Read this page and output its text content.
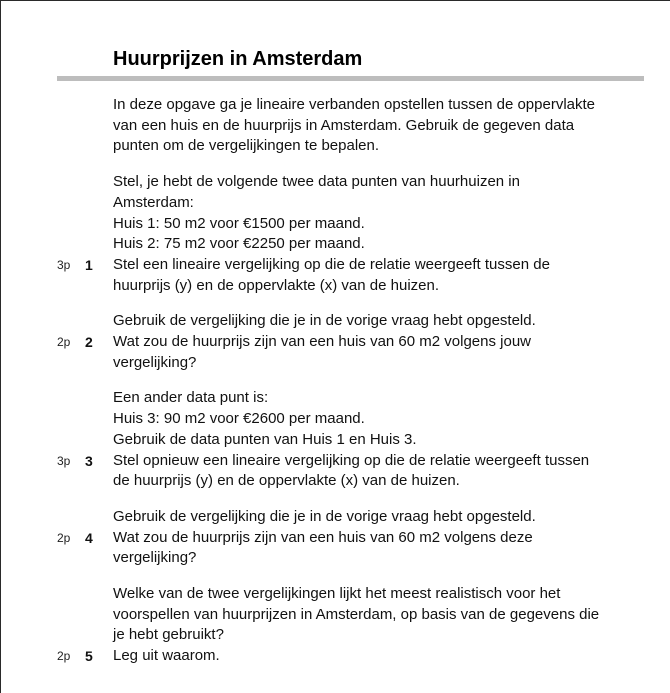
Huurprijzen in Amsterdam
In deze opgave ga je lineaire verbanden opstellen tussen de oppervlakte
van een huis en de huurprijs in Amsterdam. Gebruik de gegeven data
punten om de vergelijkingen te bepalen.
Stel, je hebt de volgende twee data punten van huurhuizen in
Amsterdam:
Huis 1: 50 m2 voor €1500 per maand.
Huis 2: 75 m2 voor €2250 per maand.
3p 1 Stel een lineaire vergelijking op die de relatie weergeeft tussen de
huurprijs (y) en de oppervlakte (x) van de huizen.
Gebruik de vergelijking die je in de vorige vraag hebt opgesteld.
2p 2 Wat zou de huurprijs zijn van een huis van 60 m2 volgens jouw
vergelijking?
Een ander data punt is:
Huis 3: 90 m2 voor €2600 per maand.
Gebruik de data punten van Huis 1 en Huis 3.
3p 3 Stel opnieuw een lineaire vergelijking op die de relatie weergeeft tussen
de huurprijs (y) en de oppervlakte (x) van de huizen.
Gebruik de vergelijking die je in de vorige vraag hebt opgesteld.
2p 4 Wat zou de huurprijs zijn van een huis van 60 m2 volgens deze
vergelijking?
Welke van de twee vergelijkingen lijkt het meest realistisch voor het
voorspellen van huurprijzen in Amsterdam, op basis van de gegevens die
je hebt gebruikt?
2p 5 Leg uit waarom.
